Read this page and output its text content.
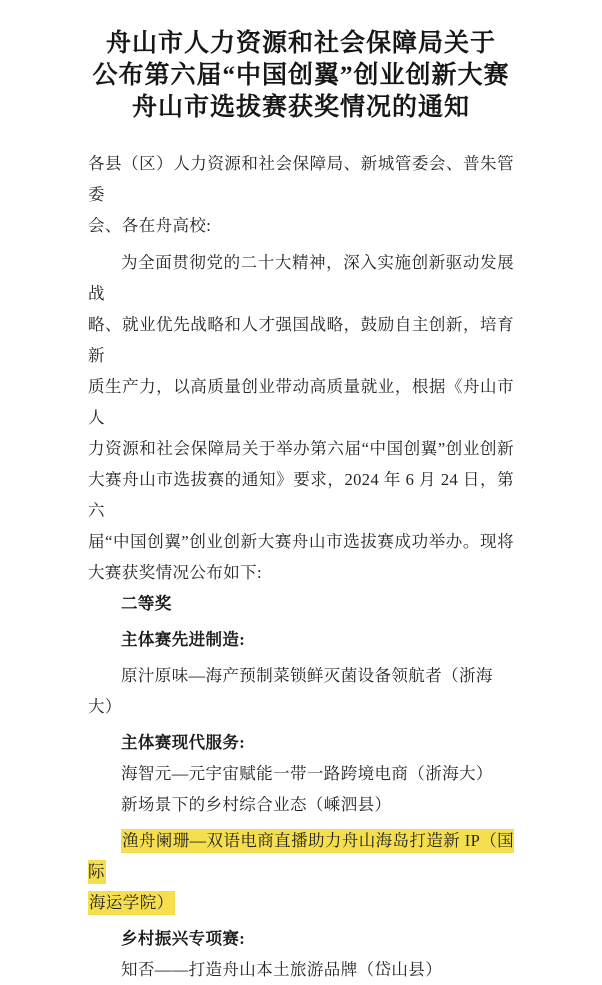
舟山市人力资源和社会保障局关于
公布第六届“中国创翼”创业创新大赛
舟山市选拔赛获奖情况的通知
各县（区）人力资源和社会保障局、新城管委会、普朱管委
会、各在舟高校:
为全面贯彻党的二十大精神，深入实施创新驱动发展战
略、就业优先战略和人才强国战略，鼓励自主创新，培育新
质生产力，以高质量创业带动高质量就业，根据《舟山市人
力资源和社会保障局关于举办第六届“中国创翼”创业创新
大赛舟山市选拔赛的通知》要求，2024 年 6 月 24 日，第六
届“中国创翼”创业创新大赛舟山市选拔赛成功举办。现将
大赛获奖情况公布如下:
二等奖
主体赛先进制造:
原汁原味—海产预制菜锁鲜灭菌设备领航者（浙海大）
主体赛现代服务:
海智元—元宇宙赋能一带一路跨境电商（浙海大）
新场景下的乡村综合业态（嵊泗县）
渔舟阑珊—双语电商直播助力舟山海岛打造新 IP（国际
海运学院）
乡村振兴专项赛:
知否——打造舟山本土旅游品牌（岱山县）
